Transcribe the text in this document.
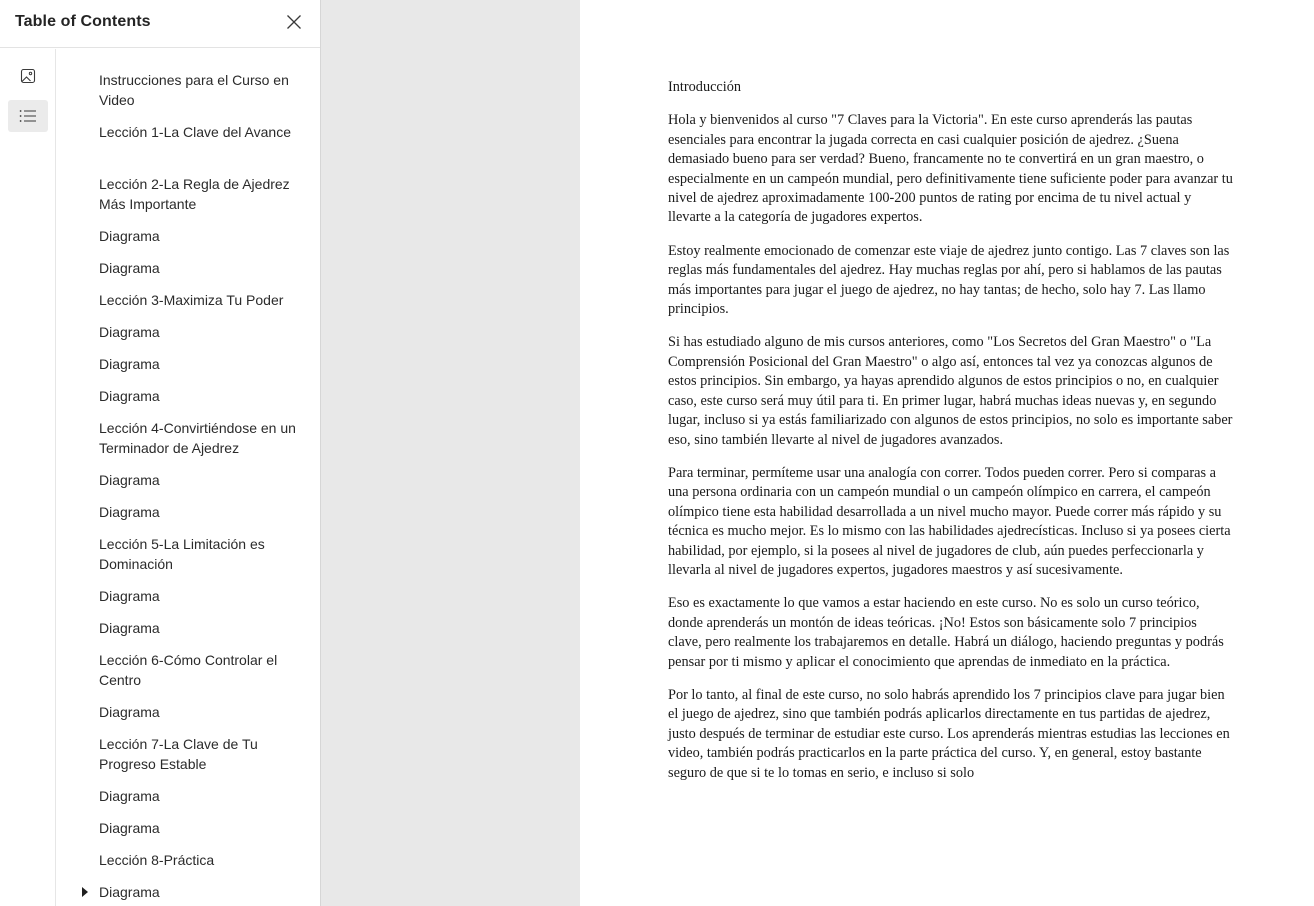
Table of Contents
Instrucciones para el Curso en Video
Lección 1-La Clave del Avance
Lección 2-La Regla de Ajedrez Más Importante
Diagrama
Diagrama
Lección 3-Maximiza Tu Poder
Diagrama
Diagrama
Diagrama
Lección 4-Convirtiéndose en un Terminador de Ajedrez
Diagrama
Diagrama
Lección 5-La Limitación es Dominación
Diagrama
Diagrama
Lección 6-Cómo Controlar el Centro
Diagrama
Lección 7-La Clave de Tu Progreso Estable
Diagrama
Diagrama
Lección 8-Práctica
Diagrama
Introducción

Hola y bienvenidos al curso "7 Claves para la Victoria". En este curso aprenderás las pautas esenciales para encontrar la jugada correcta en casi cualquier posición de ajedrez. ¿Suena demasiado bueno para ser verdad? Bueno, francamente no te convertirá en un gran maestro, o especialmente en un campeón mundial, pero definitivamente tiene suficiente poder para avanzar tu nivel de ajedrez aproximadamente 100-200 puntos de rating por encima de tu nivel actual y llevarte a la categoría de jugadores expertos.

Estoy realmente emocionado de comenzar este viaje de ajedrez junto contigo. Las 7 claves son las reglas más fundamentales del ajedrez. Hay muchas reglas por ahí, pero si hablamos de las pautas más importantes para jugar el juego de ajedrez, no hay tantas; de hecho, solo hay 7. Las llamo principios.

Si has estudiado alguno de mis cursos anteriores, como "Los Secretos del Gran Maestro" o "La Comprensión Posicional del Gran Maestro" o algo así, entonces tal vez ya conozcas algunos de estos principios. Sin embargo, ya hayas aprendido algunos de estos principios o no, en cualquier caso, este curso será muy útil para ti. En primer lugar, habrá muchas ideas nuevas y, en segundo lugar, incluso si ya estás familiarizado con algunos de estos principios, no solo es importante saber eso, sino también llevarte al nivel de jugadores avanzados.

Para terminar, permíteme usar una analogía con correr. Todos pueden correr. Pero si comparas a una persona ordinaria con un campeón mundial o un campeón olímpico en carrera, el campeón olímpico tiene esta habilidad desarrollada a un nivel mucho mayor. Puede correr más rápido y su técnica es mucho mejor. Es lo mismo con las habilidades ajedrecísticas. Incluso si ya posees cierta habilidad, por ejemplo, si la posees al nivel de jugadores de club, aún puedes perfeccionarla y llevarla al nivel de jugadores expertos, jugadores maestros y así sucesivamente.

Eso es exactamente lo que vamos a estar haciendo en este curso. No es solo un curso teórico, donde aprenderás un montón de ideas teóricas. ¡No! Estos son básicamente solo 7 principios clave, pero realmente los trabajaremos en detalle. Habrá un diálogo, haciendo preguntas y podrás pensar por ti mismo y aplicar el conocimiento que aprendas de inmediato en la práctica.

Por lo tanto, al final de este curso, no solo habrás aprendido los 7 principios clave para jugar bien el juego de ajedrez, sino que también podrás aplicarlos directamente en tus partidas de ajedrez, justo después de terminar de estudiar este curso. Los aprenderás mientras estudias las lecciones en video, también podrás practicarlos en la parte práctica del curso. Y, en general, estoy bastante seguro de que si te lo tomas en serio, e incluso si solo
